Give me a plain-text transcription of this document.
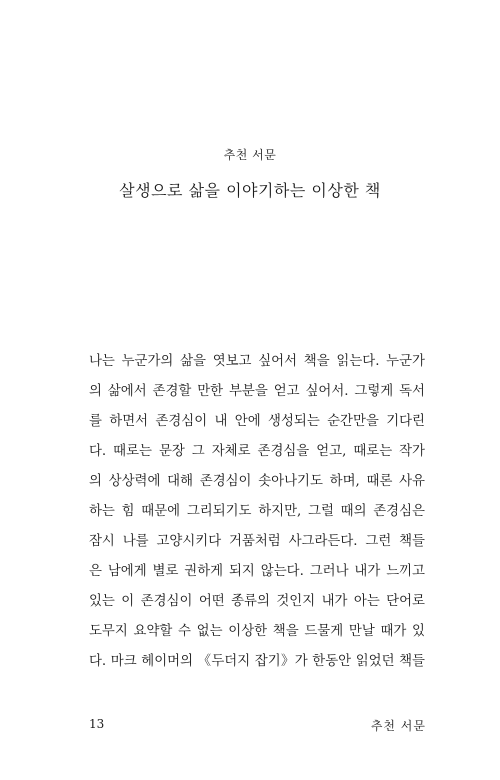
추천 서문
살생으로 삶을 이야기하는 이상한 책
나는 누군가의 삶을 엿보고 싶어서 책을 읽는다. 누군가
의 삶에서 존경할 만한 부분을 얻고 싶어서. 그렇게 독서
를 하면서 존경심이 내 안에 생성되는 순간만을 기다린
다. 때로는 문장 그 자체로 존경심을 얻고, 때로는 작가
의 상상력에 대해 존경심이 솟아나기도 하며, 때론 사유
하는 힘 때문에 그리되기도 하지만, 그럴 때의 존경심은
잠시 나를 고양시키다 거품처럼 사그라든다. 그런 책들
은 남에게 별로 권하게 되지 않는다. 그러나 내가 느끼고
있는 이 존경심이 어떤 종류의 것인지 내가 아는 단어로
도무지 요약할 수 없는 이상한 책을 드물게 만날 때가 있
다. 마크 헤이머의 《두더지 잡기》가 한동안 읽었던 책들
13	추천 서문
